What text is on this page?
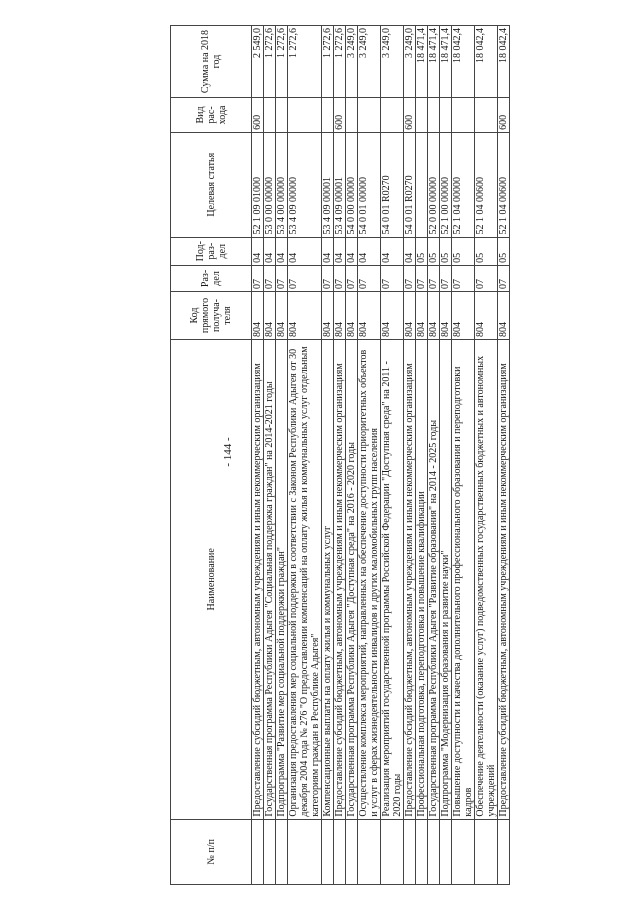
- 144 -
№ п/п	Наименование	Код прямого получа-теля	Раз-дел	Под-раз-дел	Целевая статья	Вид рас-хода	Сумма на 2018 год
	Предоставление субсидий бюджетным, автономным учреждениям и иным некоммерческим организациям	804	07	04	52 1 09 01000	600	2 549,0
	Государственная программа Республики Адыгея "Социальная поддержка граждан" на 2014-2021 годы	804	07	04	53 0 00 00000		1 272,6
	Подпрограмма "Развитие мер социальной поддержки граждан"	804	07	04	53 4 00 00000		1 272,6
	Организация предоставления мер социальной поддержки в соответствии с Законом Республики Адыгея от 30 декабря 2004 года № 276 "О предоставлении компенсаций на оплату жилья и коммунальных услуг отдельным категориям граждан в Республике Адыгея"	804	07	04	53 4 09 00000		1 272,6
	Компенсационные выплаты на оплату жилья и коммунальных услуг	804	07	04	53 4 09 00001		1 272,6
	Предоставление субсидий бюджетным, автономным учреждениям и иным некоммерческим организациям	804	07	04	53 4 09 00001	600	1 272,6
	Государственная программа Республики Адыгея "Доступная среда" на 2016 - 2020 годы	804	07	04	54 0 00 00000		3 249,0
	Осуществление комплекса мероприятий, направленных на обеспечение доступности приоритетных объектов и услуг в сферах жизнедеятельности инвалидов и других маломобильных групп населения	804	07	04	54 0 01 00000		3 249,0
	Реализация мероприятий государственной программы Российской Федерации "Доступная среда" на 2011 - 2020 годы	804	07	04	54 0 01 R0270		3 249,0
	Предоставление субсидий бюджетным, автономным учреждениям и иным некоммерческим организациям	804	07	04	54 0 01 R0270	600	3 249,0
	Профессиональная подготовка, переподготовка и повышение квалификации	804	07	05			18 471,4
	Государственная программа Республики Адыгея "Развитие образования" на 2014 - 2025 годы	804	07	05	52 0 00 00000		18 471,4
	Подпрограмма "Модернизация образования и развитие науки"	804	07	05	52 1 00 00000		18 471,4
	Повышение доступности и качества дополнительного профессионального образования и переподготовки кадров	804	07	05	52 1 04 00000		18 042,4
	Обеспечение деятельности (оказание услуг) подведомственных государственных бюджетных и автономных учреждений	804	07	05	52 1 04 00600		18 042,4
	Предоставление субсидий бюджетным, автономным учреждениям и иным некоммерческим организациям	804	07	05	52 1 04 00600	600	18 042,4
